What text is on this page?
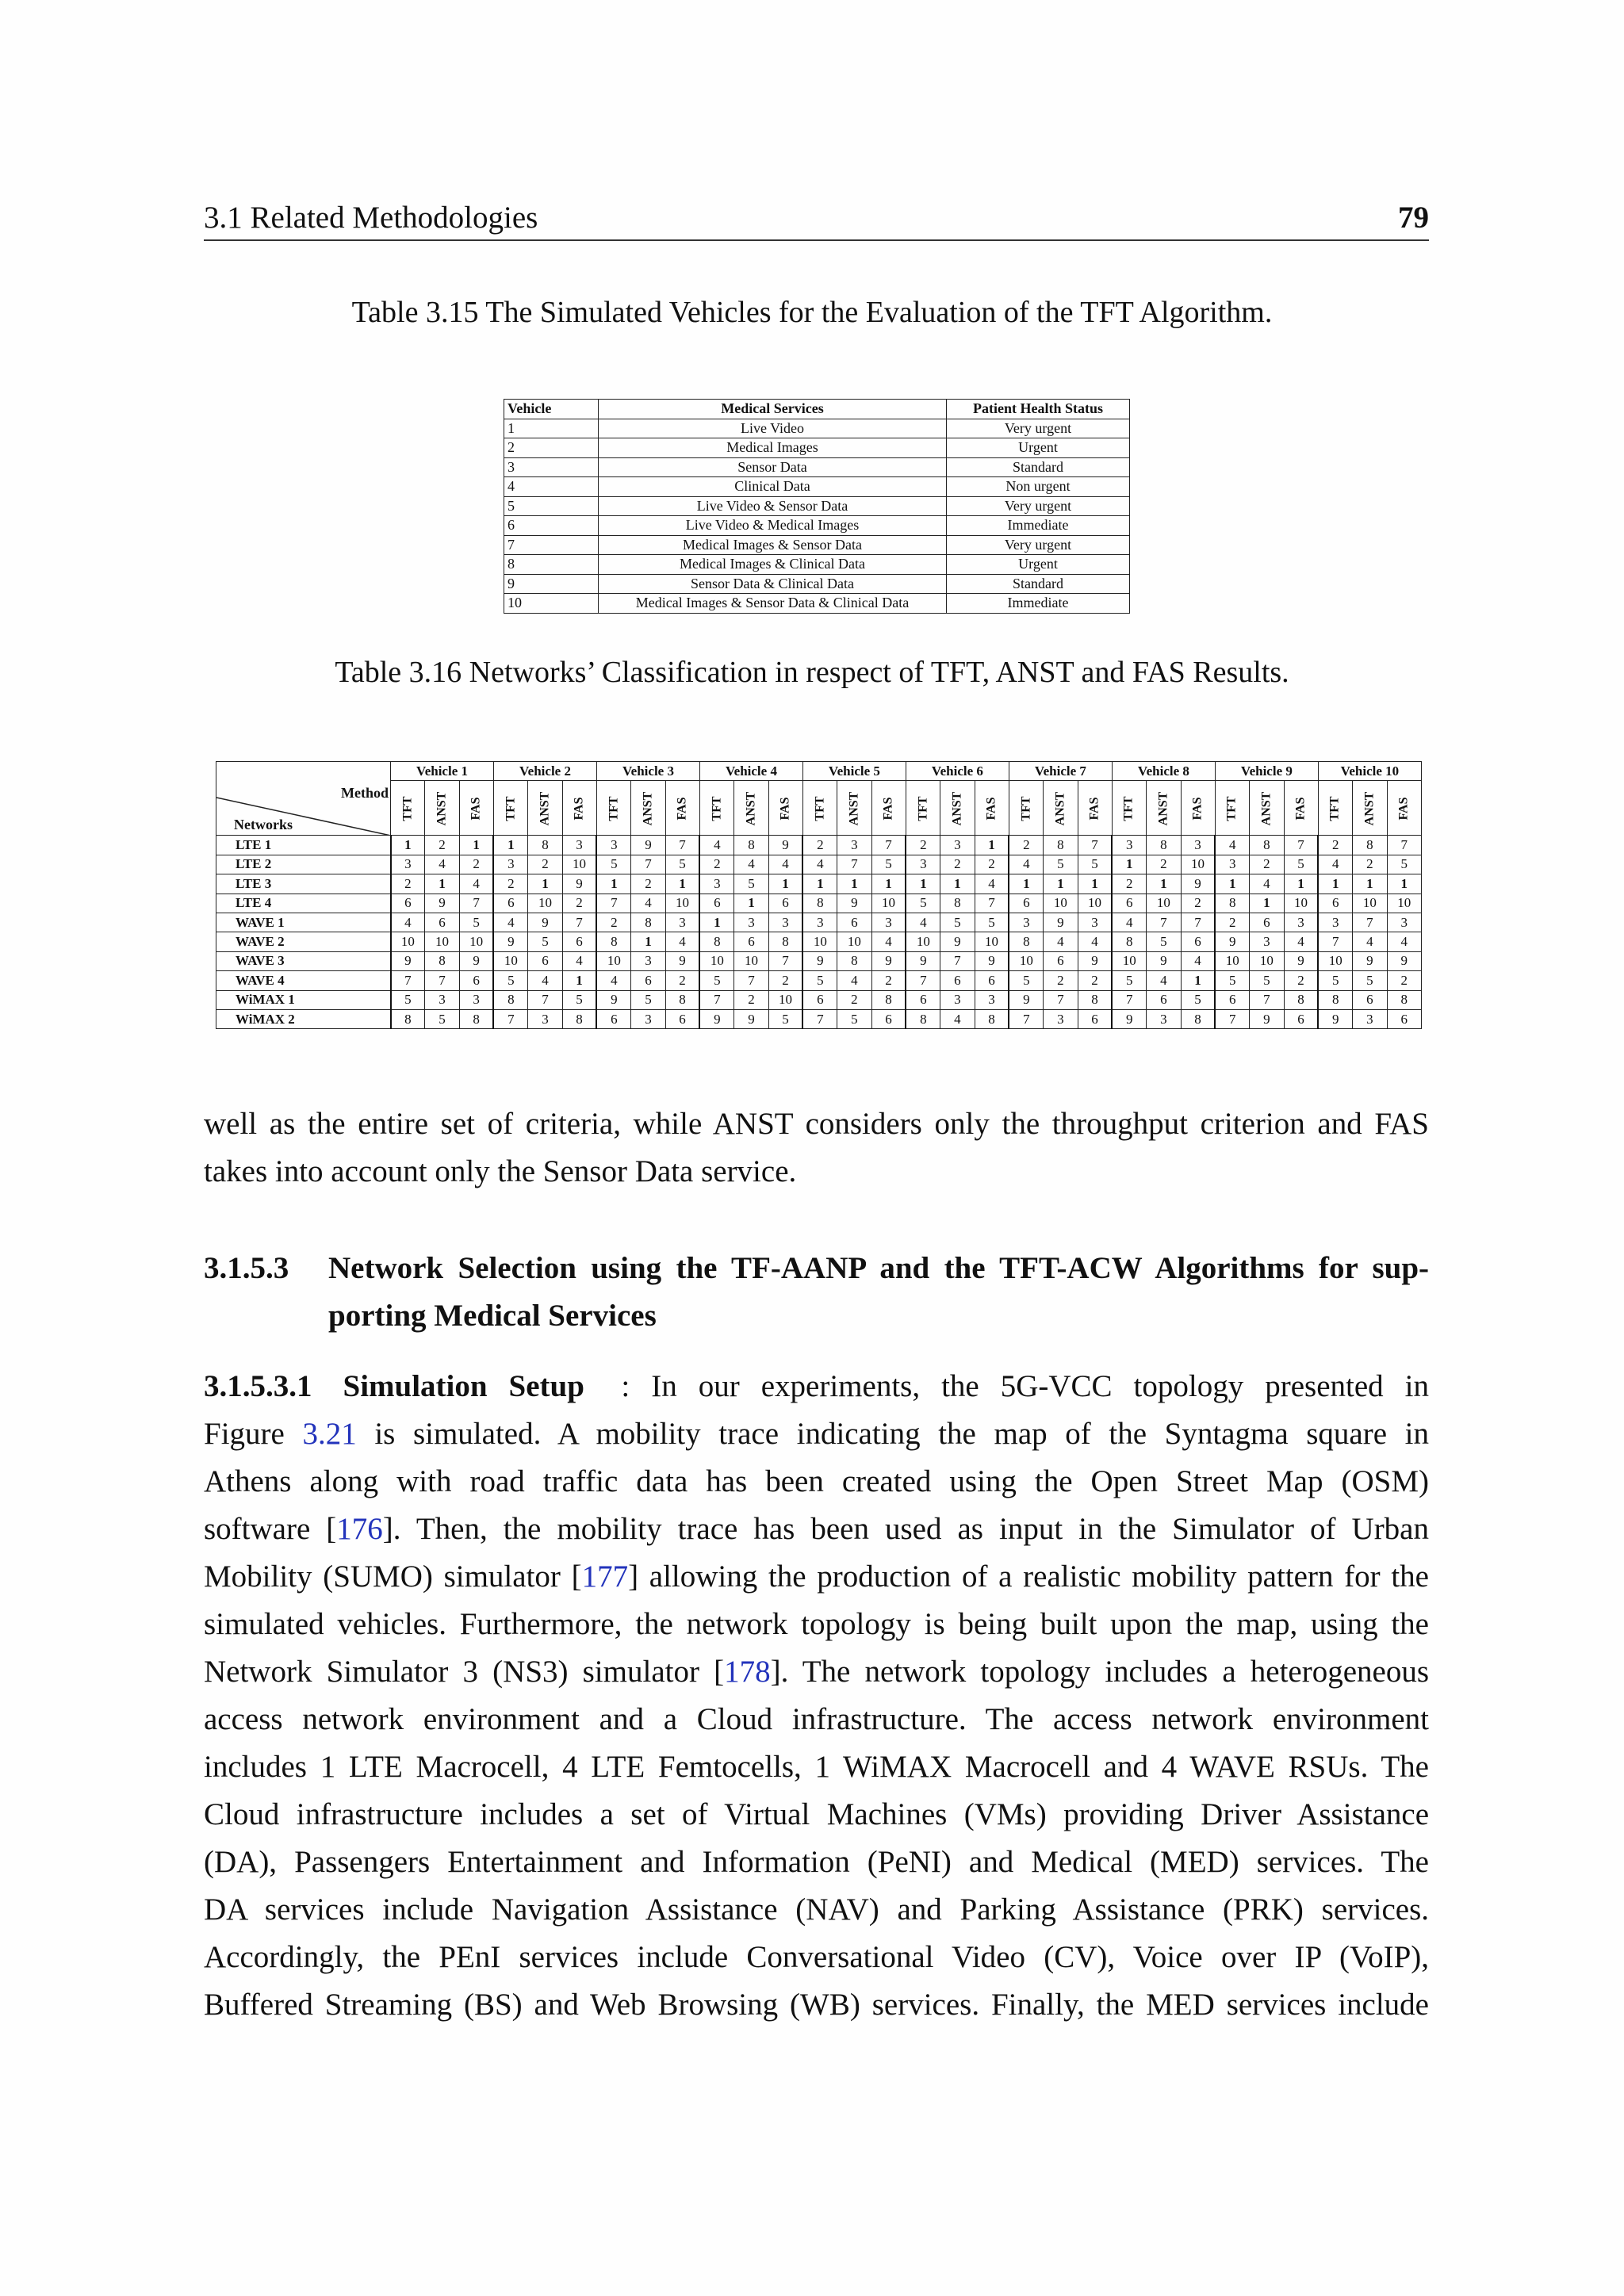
3.1 Related Methodologies	79
Table 3.15 The Simulated Vehicles for the Evaluation of the TFT Algorithm.
Vehicle	Medical Services	Patient Health Status
1	Live Video	Very urgent
2	Medical Images	Urgent
3	Sensor Data	Standard
4	Clinical Data	Non urgent
5	Live Video & Sensor Data	Very urgent
6	Live Video & Medical Images	Immediate
7	Medical Images & Sensor Data	Very urgent
8	Medical Images & Clinical Data	Urgent
9	Sensor Data & Clinical Data	Standard
10	Medical Images & Sensor Data & Clinical Data	Immediate
Table 3.16 Networks’ Classification in respect of TFT, ANST and FAS Results.
Method
Networks	Vehicle 1			Vehicle 2			Vehicle 3			Vehicle 4			Vehicle 5			Vehicle 6			Vehicle 7			Vehicle 8			Vehicle 9			Vehicle 10		
	TFT	ANST	FAS	TFT	ANST	FAS	TFT	ANST	FAS	TFT	ANST	FAS	TFT	ANST	FAS	TFT	ANST	FAS	TFT	ANST	FAS	TFT	ANST	FAS	TFT	ANST	FAS	TFT	ANST	FAS
LTE 1	1	2	1	1	8	3	3	9	7	4	8	9	2	3	7	2	3	1	2	8	7	3	8	3	4	8	7	2	8	7
LTE 2	3	4	2	3	2	10	5	7	5	2	4	4	4	7	5	3	2	2	4	5	5	1	2	10	3	2	5	4	2	5
LTE 3	2	1	4	2	1	9	1	2	1	3	5	1	1	1	1	1	1	4	1	1	1	2	1	9	1	4	1	1	1	1
LTE 4	6	9	7	6	10	2	7	4	10	6	1	6	8	9	10	5	8	7	6	10	10	6	10	2	8	1	10	6	10	10
WAVE 1	4	6	5	4	9	7	2	8	3	1	3	3	3	6	3	4	5	5	3	9	3	4	7	7	2	6	3	3	7	3
WAVE 2	10	10	10	9	5	6	8	1	4	8	6	8	10	10	4	10	9	10	8	4	4	8	5	6	9	3	4	7	4	4
WAVE 3	9	8	9	10	6	4	10	3	9	10	10	7	9	8	9	9	7	9	10	6	9	10	9	4	10	10	9	10	9	9
WAVE 4	7	7	6	5	4	1	4	6	2	5	7	2	5	4	2	7	6	6	5	2	2	5	4	1	5	5	2	5	5	2
WiMAX 1	5	3	3	8	7	5	9	5	8	7	2	10	6	2	8	6	3	3	9	7	8	7	6	5	6	7	8	8	6	8
WiMAX 2	8	5	8	7	3	8	6	3	6	9	9	5	7	5	6	8	4	8	7	3	6	9	3	8	7	9	6	9	3	6
well as the entire set of criteria, while ANST considers only the throughput criterion and FAS
takes into account only the Sensor Data service.
3.1.5.3 Network Selection using the TF-AANP and the TFT-ACW Algorithms for sup-
porting Medical Services
3.1.5.3.1  Simulation Setup  : In our experiments, the 5G-VCC topology presented in
Figure 3.21 is simulated. A mobility trace indicating the map of the Syntagma square in
Athens along with road traffic data has been created using the Open Street Map (OSM)
software [176]. Then, the mobility trace has been used as input in the Simulator of Urban
Mobility (SUMO) simulator [177] allowing the production of a realistic mobility pattern for the
simulated vehicles. Furthermore, the network topology is being built upon the map, using the
Network Simulator 3 (NS3) simulator [178]. The network topology includes a heterogeneous
access network environment and a Cloud infrastructure. The access network environment
includes 1 LTE Macrocell, 4 LTE Femtocells, 1 WiMAX Macrocell and 4 WAVE RSUs. The
Cloud infrastructure includes a set of Virtual Machines (VMs) providing Driver Assistance
(DA), Passengers Entertainment and Information (PeNI) and Medical (MED) services. The
DA services include Navigation Assistance (NAV) and Parking Assistance (PRK) services.
Accordingly, the PEnI services include Conversational Video (CV), Voice over IP (VoIP),
Buffered Streaming (BS) and Web Browsing (WB) services. Finally, the MED services include
